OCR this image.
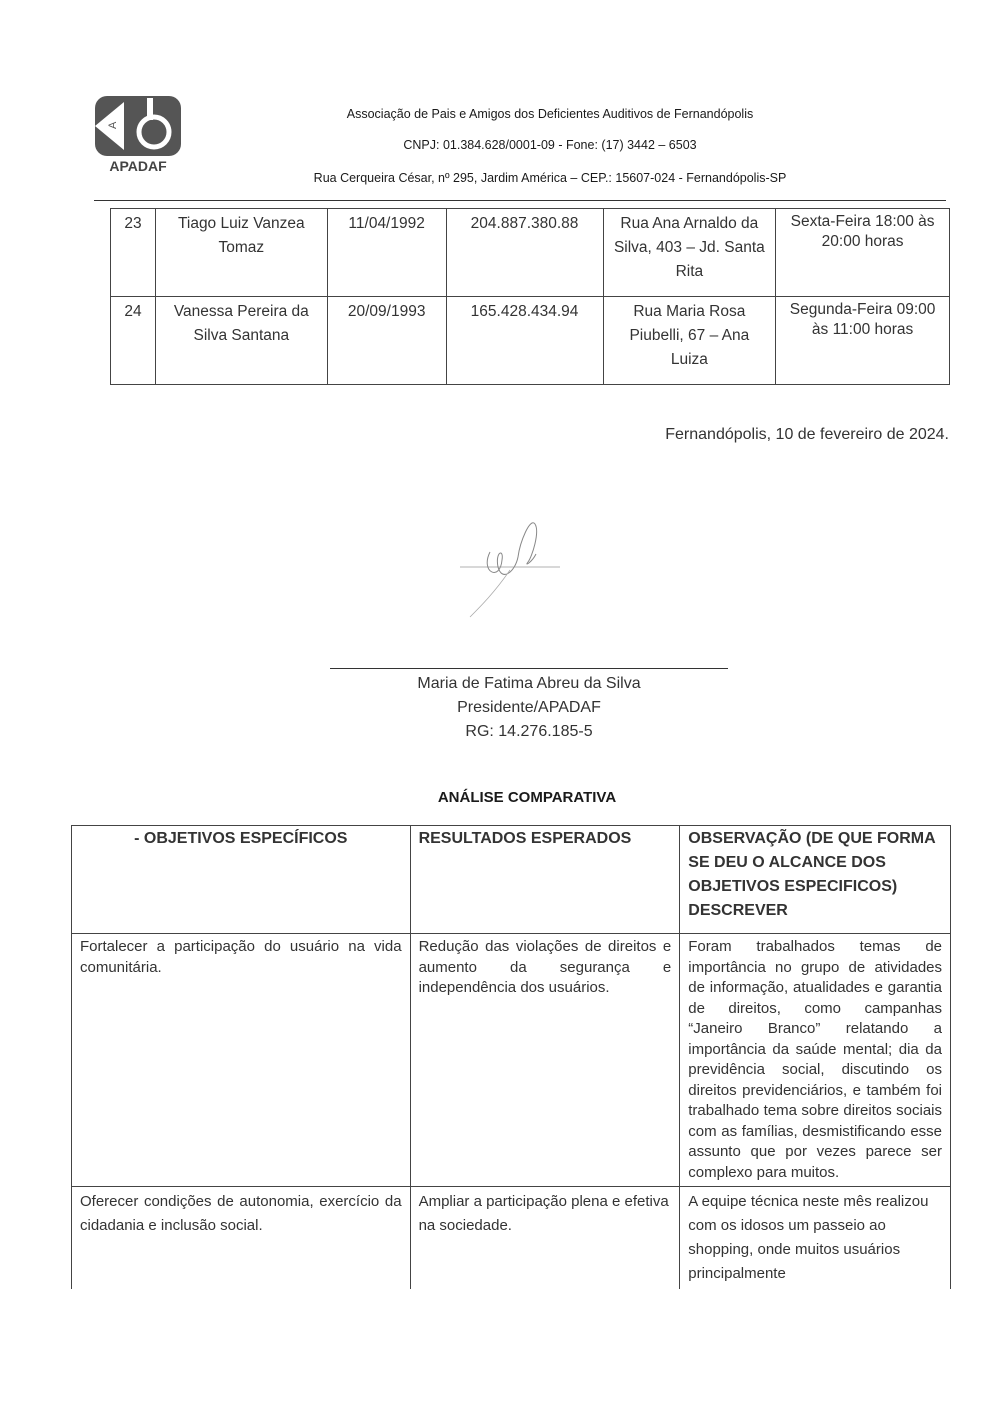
A
APADAF
Associação de Pais e Amigos dos Deficientes Auditivos de Fernandópolis
CNPJ: 01.384.628/0001-09 - Fone: (17) 3442 – 6503
Rua Cerqueira César, nº 295, Jardim América – CEP.: 15607-024 - Fernandópolis-SP
23	Tiago Luiz Vanzea Tomaz	11/04/1992	204.887.380.88	Rua Ana Arnaldo da Silva, 403 – Jd. Santa Rita	Sexta-Feira 18:00 às 20:00 horas
24	Vanessa Pereira da Silva Santana	20/09/1993	165.428.434.94	Rua Maria Rosa Piubelli, 67 – Ana Luiza	Segunda-Feira 09:00 às 11:00 horas
Fernandópolis, 10 de fevereiro de 2024.
Maria de Fatima Abreu da Silva
Presidente/APADAF
RG: 14.276.185-5
ANÁLISE COMPARATIVA
- OBJETIVOS ESPECÍFICOS	RESULTADOS ESPERADOS	OBSERVAÇÃO (DE QUE FORMA SE DEU O ALCANCE DOS OBJETIVOS ESPECIFICOS) DESCREVER
Fortalecer a participação do usuário na vida comunitária.	Redução das violações de direitos e aumento da segurança e independência dos usuários.	Foram trabalhados temas de importância no grupo de atividades de informação, atualidades e garantia de direitos, como campanhas “Janeiro Branco” relatando a importância da saúde mental; dia da previdência social, discutindo os direitos previdenciários, e também foi trabalhado tema sobre direitos sociais com as famílias, desmistificando esse assunto que por vezes parece ser complexo para muitos.
Oferecer condições de autonomia, exercício da cidadania e inclusão social.	Ampliar a participação plena e efetiva na sociedade.	A equipe técnica neste mês realizou com os idosos um passeio ao shopping, onde muitos usuários principalmente
